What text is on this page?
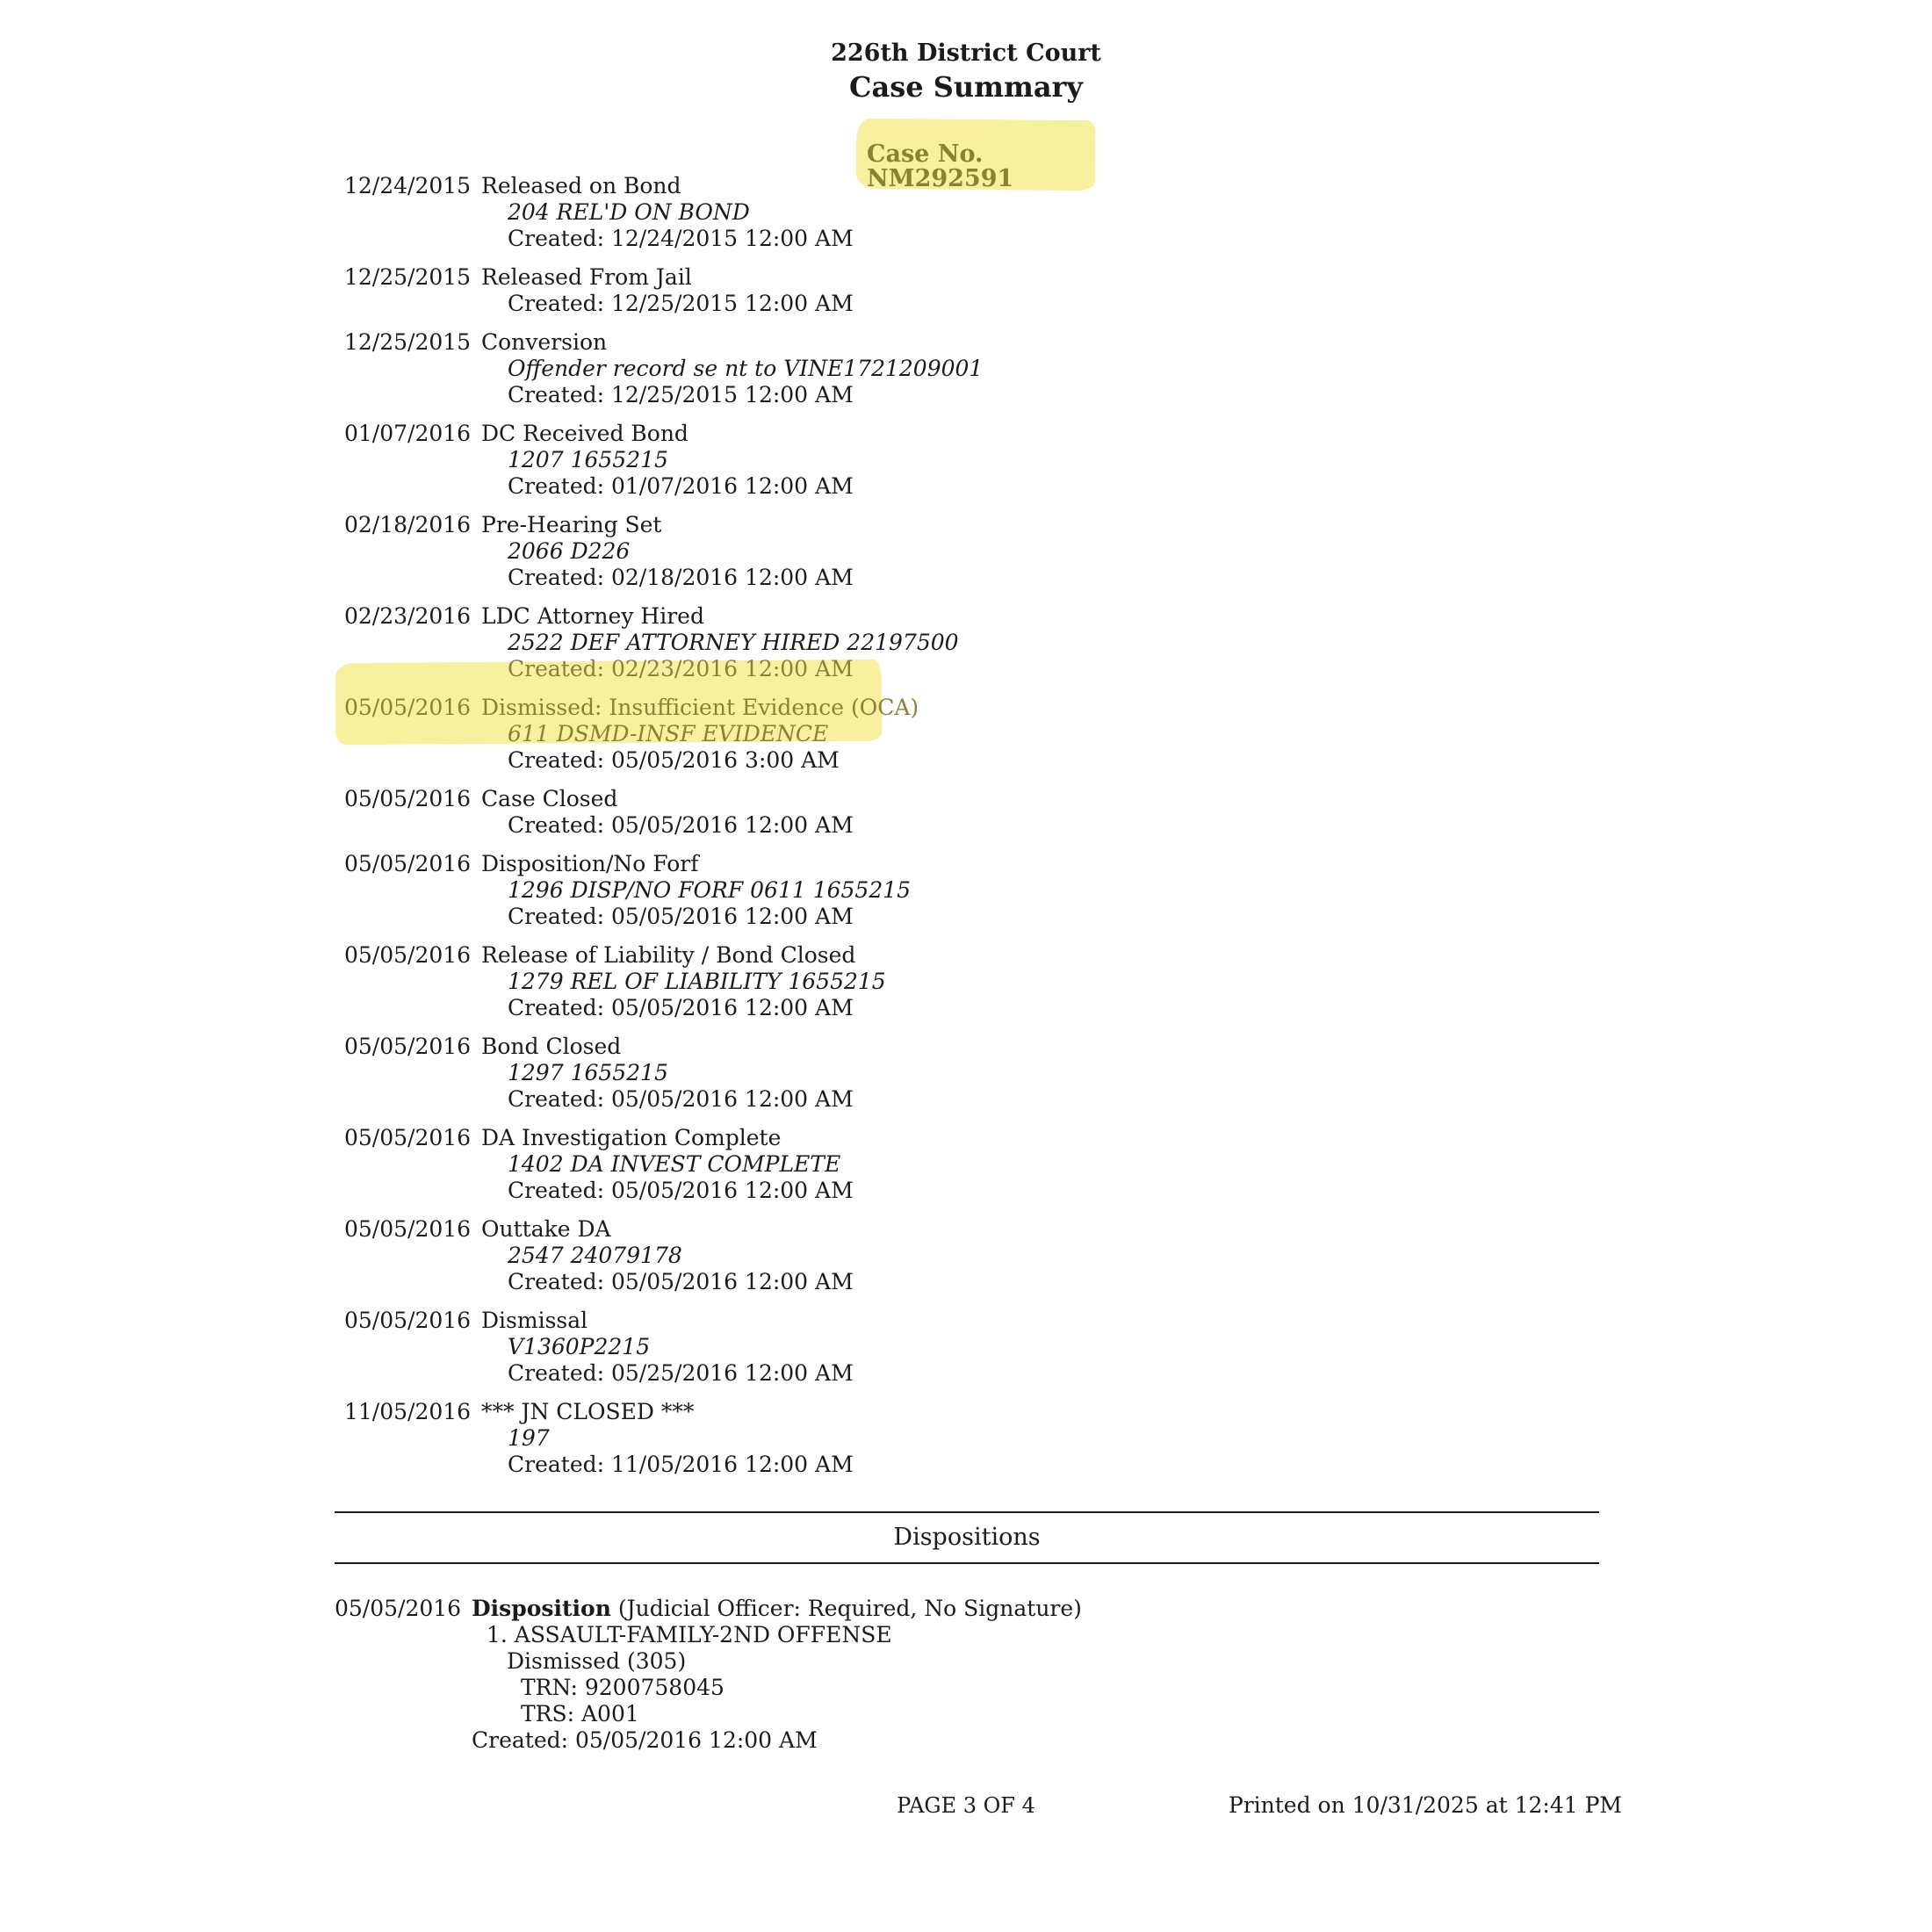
226th District Court
Case Summary
Case No. NM292591
12/24/2015 Released on Bond
204 REL'D ON BOND
Created: 12/24/2015 12:00 AM
12/25/2015 Released From Jail
Created: 12/25/2015 12:00 AM
12/25/2015 Conversion
Offender record se nt to VINE1721209001
Created: 12/25/2015 12:00 AM
01/07/2016 DC Received Bond
1207 1655215
Created: 01/07/2016 12:00 AM
02/18/2016 Pre-Hearing Set
2066 D226
Created: 02/18/2016 12:00 AM
02/23/2016 LDC Attorney Hired
2522 DEF ATTORNEY HIRED 22197500
Created: 02/23/2016 12:00 AM
05/05/2016 Dismissed: Insufficient Evidence (OCA)
611 DSMD-INSF EVIDENCE
Created: 05/05/2016 3:00 AM
05/05/2016 Case Closed
Created: 05/05/2016 12:00 AM
05/05/2016 Disposition/No Forf
1296 DISP/NO FORF 0611 1655215
Created: 05/05/2016 12:00 AM
05/05/2016 Release of Liability / Bond Closed
1279 REL OF LIABILITY 1655215
Created: 05/05/2016 12:00 AM
05/05/2016 Bond Closed
1297 1655215
Created: 05/05/2016 12:00 AM
05/05/2016 DA Investigation Complete
1402 DA INVEST COMPLETE
Created: 05/05/2016 12:00 AM
05/05/2016 Outtake DA
2547 24079178
Created: 05/05/2016 12:00 AM
05/05/2016 Dismissal
V1360P2215
Created: 05/25/2016 12:00 AM
11/05/2016 *** JN CLOSED ***
197
Created: 11/05/2016 12:00 AM
Dispositions
05/05/2016 Disposition (Judicial Officer: Required, No Signature)
1. ASSAULT-FAMILY-2ND OFFENSE
Dismissed (305)
TRN: 9200758045
TRS: A001
Created: 05/05/2016 12:00 AM
PAGE 3 OF 4	Printed on 10/31/2025 at 12:41 PM
